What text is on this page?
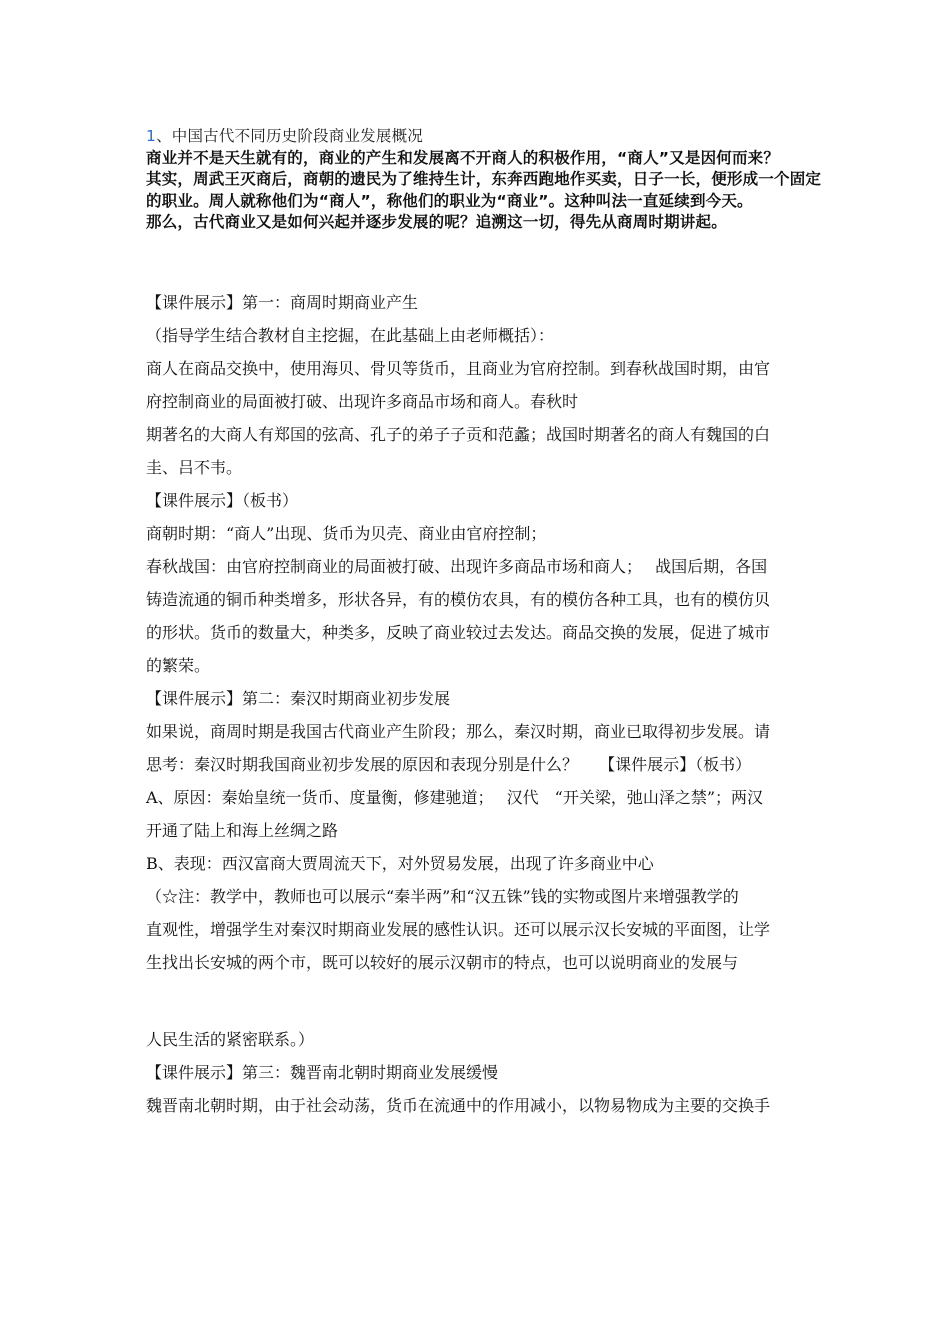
1、中国古代不同历史阶段商业发展概况

商业并不是天生就有的，商业的产生和发展离不开商人的积极作用，“商人”又是因何而来？

其实，周武王灭商后，商朝的遗民为了维持生计，东奔西跑地作买卖，日子一长，便形成一个固定的职业。周人就称他们为“商人”，称他们的职业为“商业”。这种叫法一直延续到今天。

那么，古代商业又是如何兴起并逐步发展的呢？追溯这一切，得先从商周时期讲起。

【课件展示】第一：商周时期商业产生
（指导学生结合教材自主挖掘，在此基础上由老师概括）：
商人在商品交换中，使用海贝、骨贝等货币，且商业为官府控制。到春秋战国时期，由官
府控制商业的局面被打破、出现许多商品市场和商人。春秋时
期著名的大商人有郑国的弦高、孔子的弟子子贡和范蠡；战国时期著名的商人有魏国的白
圭、吕不韦。
【课件展示】（板书）
商朝时期：“商人”出现、货币为贝壳、商业由官府控制；
春秋战国：由官府控制商业的局面被打破、出现许多商品市场和商人；　 战国后期，各国
铸造流通的铜币种类增多，形状各异，有的模仿农具，有的模仿各种工具，也有的模仿贝
的形状。货币的数量大，种类多，反映了商业较过去发达。商品交换的发展，促进了城市
的繁荣。
【课件展示】第二：秦汉时期商业初步发展
如果说，商周时期是我国古代商业产生阶段；那么，秦汉时期，商业已取得初步发展。请
思考：秦汉时期我国商业初步发展的原因和表现分别是什么？　 【课件展示】（板书）
A、原因：秦始皇统一货币、度量衡，修建驰道；　 汉代　“开关梁，弛山泽之禁”；两汉
开通了陆上和海上丝绸之路
B、表现：西汉富商大贾周流天下，对外贸易发展，出现了许多商业中心
（☆注：教学中，教师也可以展示“秦半两”和“汉五铢”钱的实物或图片来增强教学的
直观性，增强学生对秦汉时期商业发展的感性认识。还可以展示汉长安城的平面图，让学
生找出长安城的两个市，既可以较好的展示汉朝市的特点，也可以说明商业的发展与
人民生活的紧密联系。）
【课件展示】第三：魏晋南北朝时期商业发展缓慢
魏晋南北朝时期，由于社会动荡，货币在流通中的作用减小，以物易物成为主要的交换手
